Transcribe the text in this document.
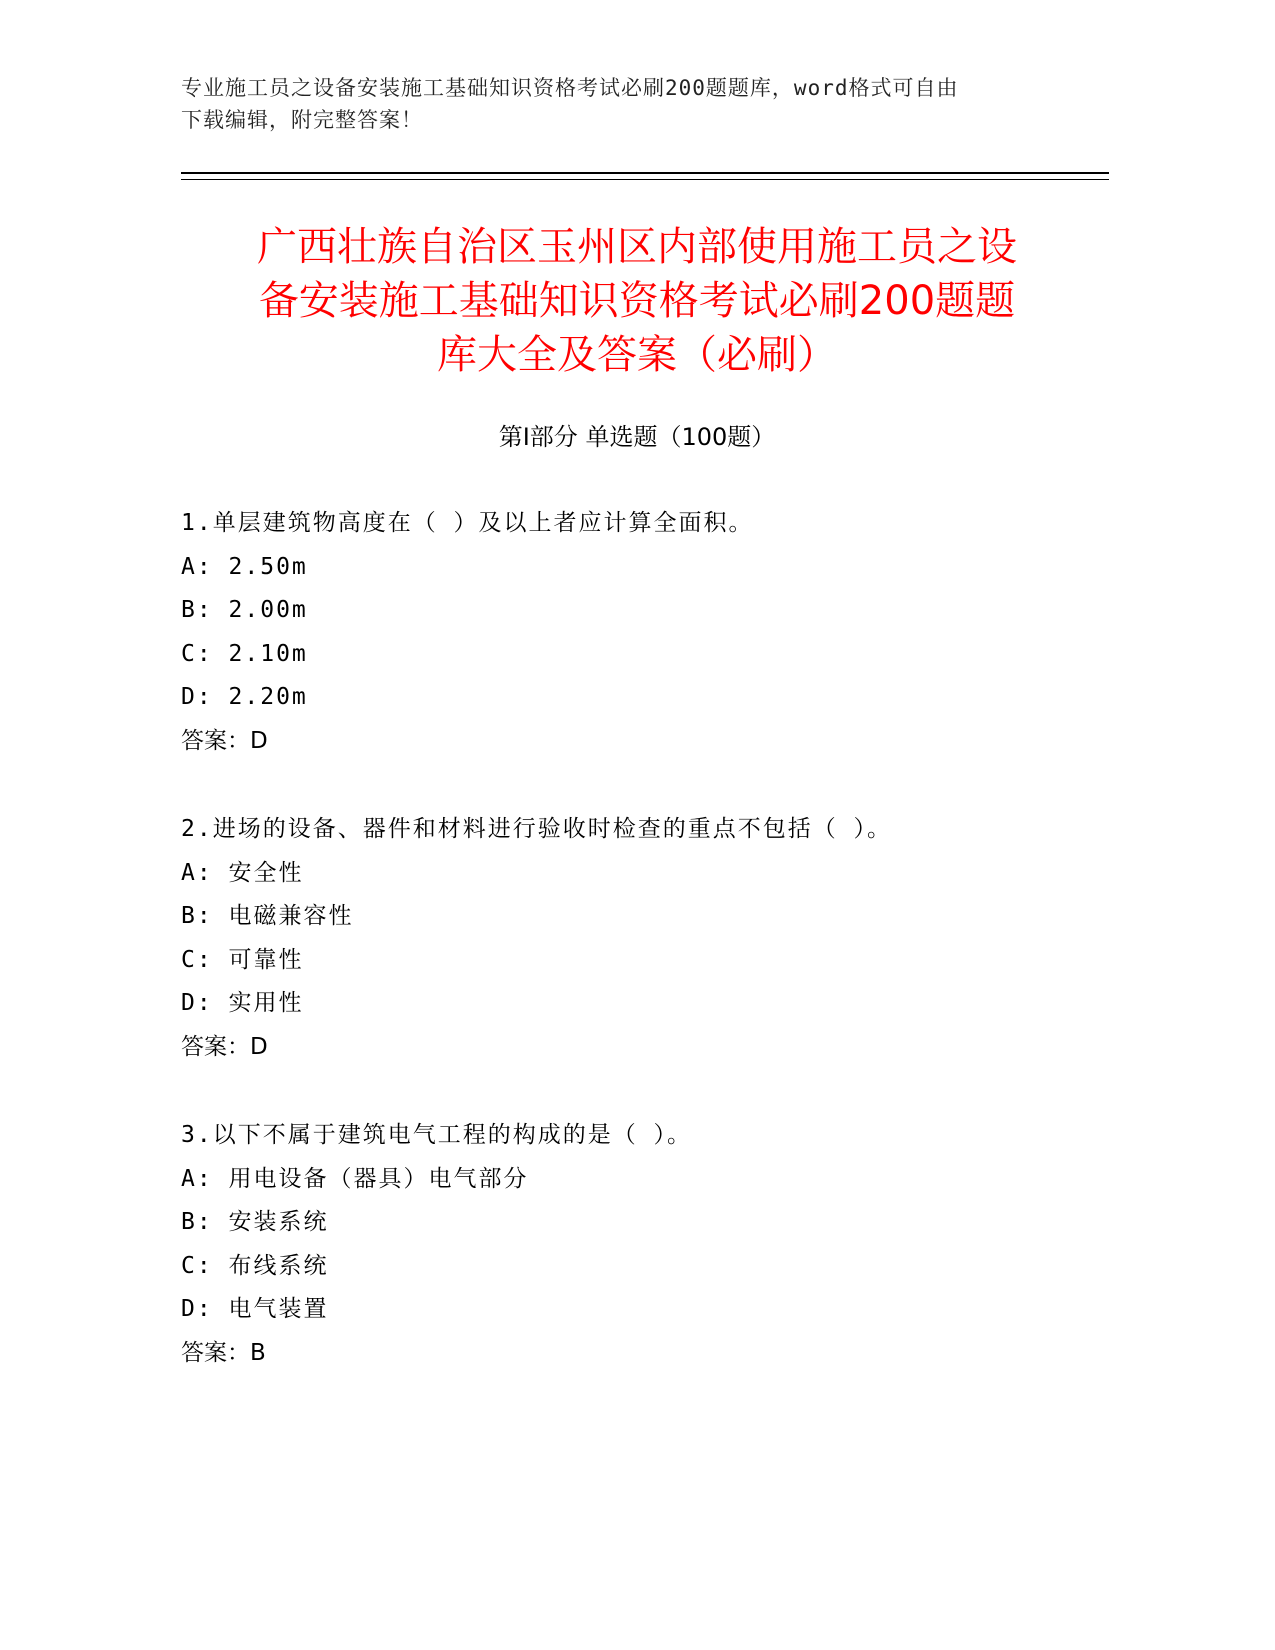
专业施工员之设备安装施工基础知识资格考试必刷200题题库，word格式可自由
下载编辑，附完整答案！
广西壮族自治区玉州区内部使用施工员之设
备安装施工基础知识资格考试必刷200题题
库大全及答案（必刷）
第Ⅰ部分 单选题（100题）
1.单层建筑物高度在（ ）及以上者应计算全面积。
A: 2.50m
B: 2.00m
C: 2.10m
D: 2.20m
答案：D
2.进场的设备、器件和材料进行验收时检查的重点不包括（ ）。
A: 安全性
B: 电磁兼容性
C: 可靠性
D: 实用性
答案：D
3.以下不属于建筑电气工程的构成的是（ ）。
A: 用电设备（器具）电气部分
B: 安装系统
C: 布线系统
D: 电气装置
答案：B
